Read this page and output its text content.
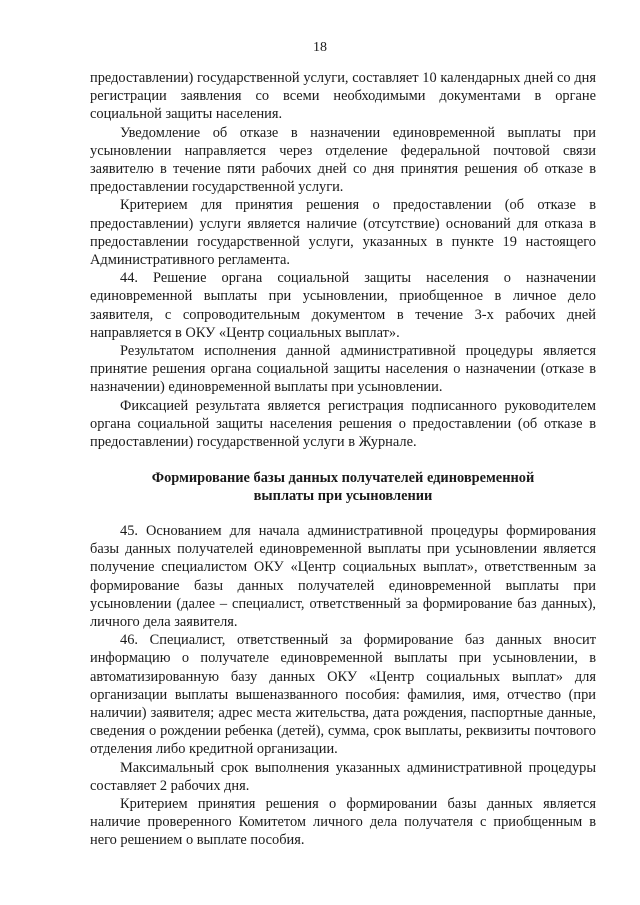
18

предоставлении) государственной услуги, составляет 10 календарных дней со дня регистрации заявления со всеми необходимыми документами в органе социальной защиты населения.

Уведомление об отказе в назначении единовременной выплаты при усыновлении направляется через отделение федеральной почтовой связи заявителю в течение пяти рабочих дней со дня принятия решения об отказе в предоставлении государственной услуги.

Критерием для принятия решения о предоставлении (об отказе в предоставлении) услуги является наличие (отсутствие) оснований для отказа в предоставлении государственной услуги, указанных в пункте 19 настоящего Административного регламента.

44. Решение органа социальной защиты населения о назначении единовременной выплаты при усыновлении, приобщенное в личное дело заявителя, с сопроводительным документом в течение 3-х рабочих дней направляется в ОКУ «Центр социальных выплат».

Результатом исполнения данной административной процедуры является принятие решения органа социальной защиты населения о назначении (отказе в назначении) единовременной выплаты при усыновлении.

Фиксацией результата является регистрация подписанного руководителем органа социальной защиты населения решения о предоставлении (об отказе в предоставлении) государственной услуги в Журнале.

Формирование базы данных получателей единовременной
выплаты при усыновлении

45. Основанием для начала административной процедуры формирования базы данных получателей единовременной выплаты при усыновлении является получение специалистом ОКУ «Центр социальных выплат», ответственным за формирование базы данных получателей единовременной выплаты при усыновлении (далее – специалист, ответственный за формирование баз данных), личного дела заявителя.

46. Специалист, ответственный за формирование баз данных вносит информацию о получателе единовременной выплаты при усыновлении, в автоматизированную базу данных ОКУ «Центр социальных выплат» для организации выплаты вышеназванного пособия: фамилия, имя, отчество (при наличии) заявителя; адрес места жительства, дата рождения, паспортные данные, сведения о рождении ребенка (детей), сумма, срок выплаты, реквизиты почтового отделения либо кредитной организации.

Максимальный срок выполнения указанных административной процедуры составляет 2 рабочих дня.

Критерием принятия решения о формировании базы данных является наличие проверенного Комитетом личного дела получателя с приобщенным в него решением о выплате пособия.
